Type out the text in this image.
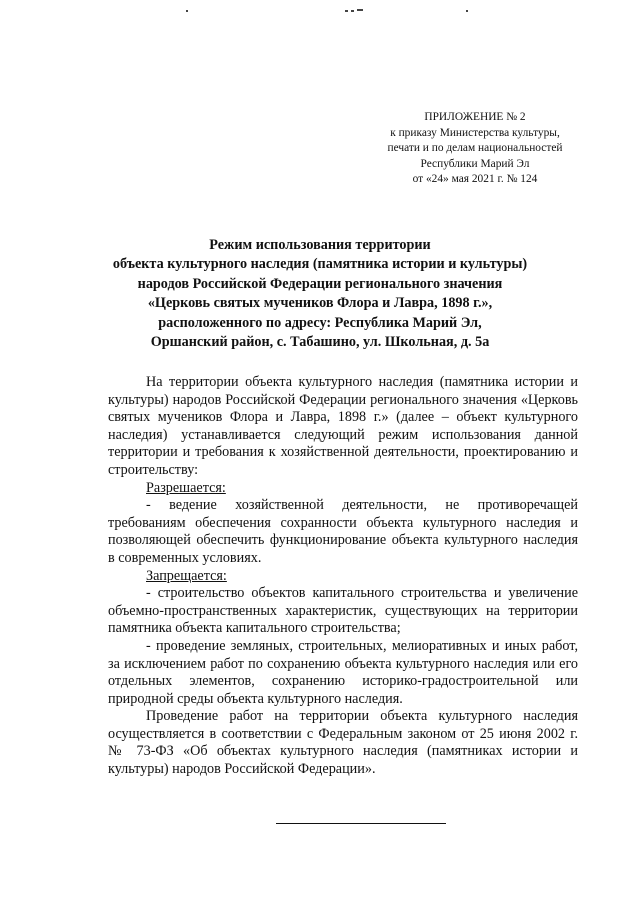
ПРИЛОЖЕНИЕ № 2
к приказу Министерства культуры,
печати и по делам национальностей
Республики Марий Эл
от «24» мая 2021 г. № 124
Режим использования территории
объекта культурного наследия (памятника истории и культуры)
народов Российской Федерации регионального значения
«Церковь святых мучеников Флора и Лавра, 1898 г.»,
расположенного по адресу: Республика Марий Эл,
Оршанский район, с. Табашино, ул. Школьная, д. 5а

На территории объекта культурного наследия (памятника истории и культуры) народов Российской Федерации регионального значения «Церковь святых мучеников Флора и Лавра, 1898 г.» (далее – объект культурного наследия) устанавливается следующий режим использования данной территории и требования к хозяйственной деятельности, проектированию и строительству:

Разрешается:

- ведение хозяйственной деятельности, не противоречащей требованиям обеспечения сохранности объекта культурного наследия и позволяющей обеспечить функционирование объекта культурного наследия в современных условиях.

Запрещается:

- строительство объектов капитального строительства и увеличение объемно-пространственных характеристик, существующих на территории памятника объекта капитального строительства;

- проведение земляных, строительных, мелиоративных и иных работ, за исключением работ по сохранению объекта культурного наследия или его отдельных элементов, сохранению историко-градостроительной или природной среды объекта культурного наследия.

Проведение работ на территории объекта культурного наследия осуществляется в соответствии с Федеральным законом от 25 июня 2002 г. № 73-ФЗ «Об объектах культурного наследия (памятниках истории и культуры) народов Российской Федерации».
